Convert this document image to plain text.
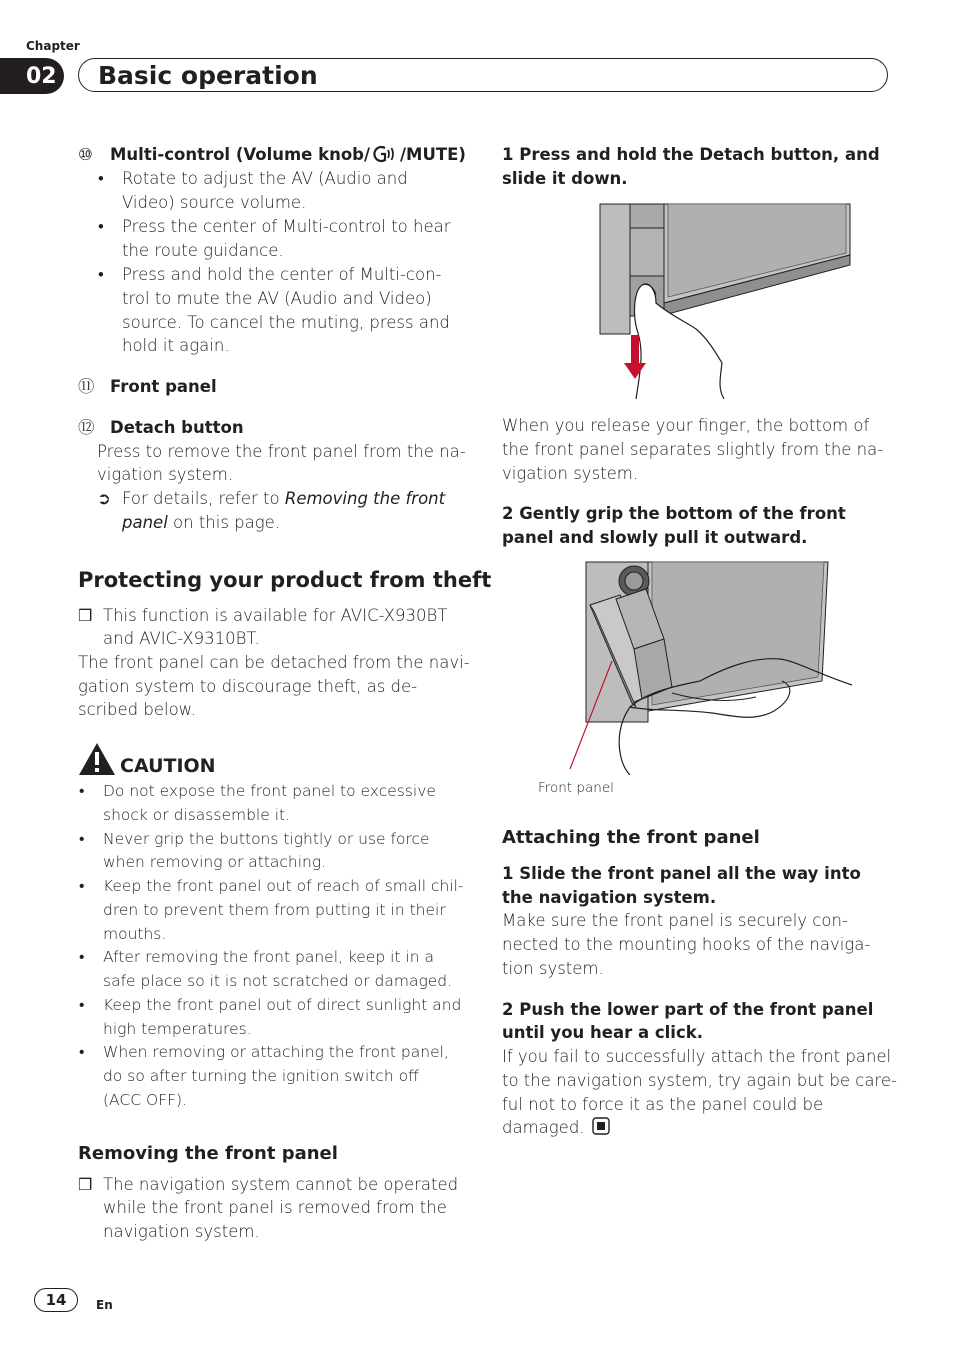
Chapter
02 Basic operation
⑩ Multi-control (Volume knob/ /MUTE)
• Rotate to adjust the AV (Audio and
Video) source volume.
• Press the center of Multi-control to hear
the route guidance.
• Press and hold the center of Multi-con-
trol to mute the AV (Audio and Video)
source. To cancel the muting, press and
hold it again.
⑪ Front panel
⑫ Detach button
Press to remove the front panel from the na-
vigation system.
➲ For details, refer to Removing the front
panel on this page.
Protecting your product from theft
❒ This function is available for AVIC-X930BT
and AVIC-X9310BT.
The front panel can be detached from the navi-
gation system to discourage theft, as de-
scribed below.
CAUTION
• Do not expose the front panel to excessive
shock or disassemble it.
• Never grip the buttons tightly or use force
when removing or attaching.
• Keep the front panel out of reach of small chil-
dren to prevent them from putting it in their
mouths.
• After removing the front panel, keep it in a
safe place so it is not scratched or damaged.
• Keep the front panel out of direct sunlight and
high temperatures.
• When removing or attaching the front panel,
do so after turning the ignition switch off
(ACC OFF).
Removing the front panel
❒ The navigation system cannot be operated
while the front panel is removed from the
navigation system.
1 Press and hold the Detach button, and
slide it down.
When you release your finger, the bottom of
the front panel separates slightly from the na-
vigation system.
2 Gently grip the bottom of the front
panel and slowly pull it outward.
Front panel
Attaching the front panel
1 Slide the front panel all the way into
the navigation system.
Make sure the front panel is securely con-
nected to the mounting hooks of the naviga-
tion system.
2 Push the lower part of the front panel
until you hear a click.
If you fail to successfully attach the front panel
to the navigation system, try again but be care-
ful not to force it as the panel could be
damaged.
14	En
